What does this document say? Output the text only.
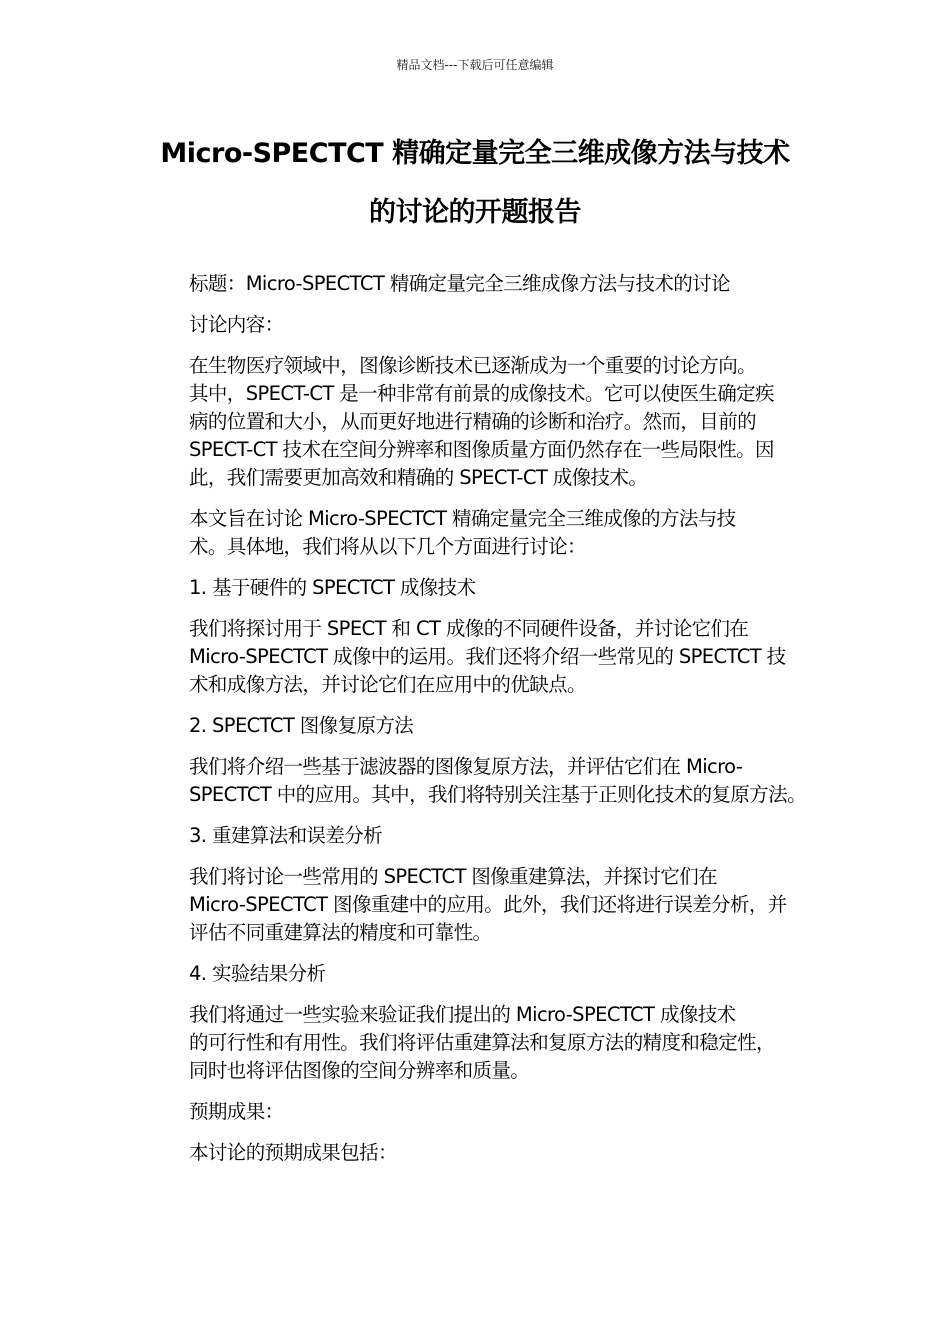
精品文档---下载后可任意编辑
Micro-SPECTCT 精确定量完全三维成像方法与技术
的讨论的开题报告

标题：Micro-SPECTCT 精确定量完全三维成像方法与技术的讨论

讨论内容：

在生物医疗领域中，图像诊断技术已逐渐成为一个重要的讨论方向。
其中，SPECT-CT 是一种非常有前景的成像技术。它可以使医生确定疾
病的位置和大小，从而更好地进行精确的诊断和治疗。然而，目前的
SPECT-CT 技术在空间分辨率和图像质量方面仍然存在一些局限性。因
此，我们需要更加高效和精确的 SPECT-CT 成像技术。

本文旨在讨论 Micro-SPECTCT 精确定量完全三维成像的方法与技
术。具体地，我们将从以下几个方面进行讨论：

1. 基于硬件的 SPECTCT 成像技术

我们将探讨用于 SPECT 和 CT 成像的不同硬件设备，并讨论它们在
Micro-SPECTCT 成像中的运用。我们还将介绍一些常见的 SPECTCT 技
术和成像方法，并讨论它们在应用中的优缺点。

2. SPECTCT 图像复原方法

我们将介绍一些基于滤波器的图像复原方法，并评估它们在 Micro-
SPECTCT 中的应用。其中，我们将特别关注基于正则化技术的复原方法。

3. 重建算法和误差分析

我们将讨论一些常用的 SPECTCT 图像重建算法，并探讨它们在
Micro-SPECTCT 图像重建中的应用。此外，我们还将进行误差分析，并
评估不同重建算法的精度和可靠性。

4. 实验结果分析

我们将通过一些实验来验证我们提出的 Micro-SPECTCT 成像技术
的可行性和有用性。我们将评估重建算法和复原方法的精度和稳定性，
同时也将评估图像的空间分辨率和质量。

预期成果：

本讨论的预期成果包括：
